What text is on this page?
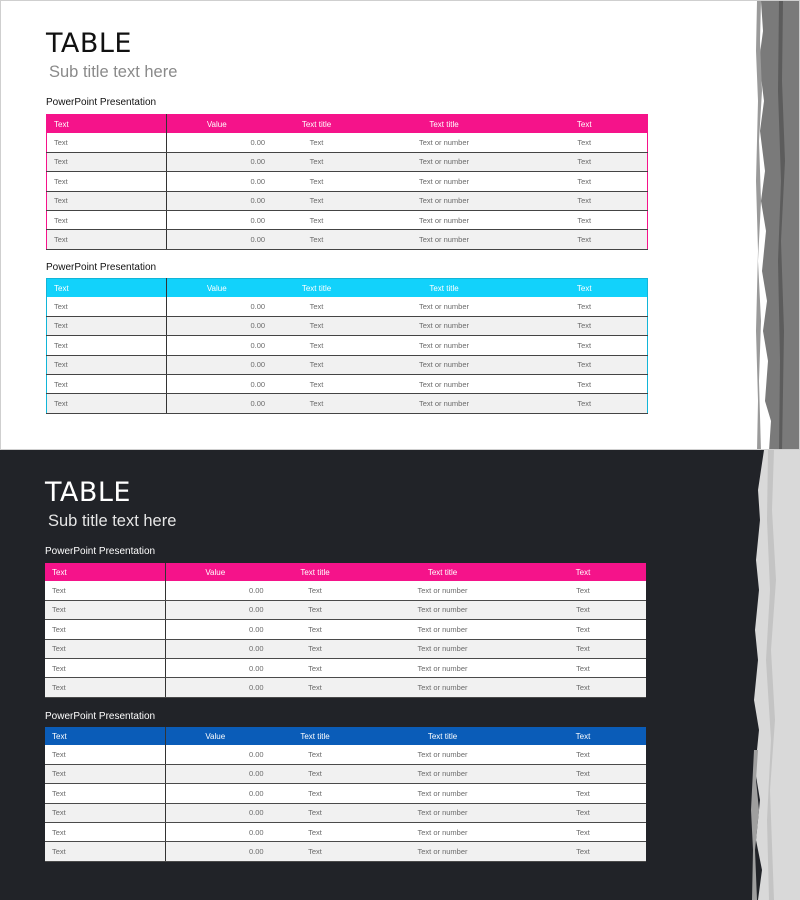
TABLE
Sub title text here
PowerPoint Presentation
Text	Value	Text title	Text title	Text
Text	0.00	Text	Text or number	Text
Text	0.00	Text	Text or number	Text
Text	0.00	Text	Text or number	Text
Text	0.00	Text	Text or number	Text
Text	0.00	Text	Text or number	Text
Text	0.00	Text	Text or number	Text
PowerPoint Presentation
Text	Value	Text title	Text title	Text
Text	0.00	Text	Text or number	Text
Text	0.00	Text	Text or number	Text
Text	0.00	Text	Text or number	Text
Text	0.00	Text	Text or number	Text
Text	0.00	Text	Text or number	Text
Text	0.00	Text	Text or number	Text
TABLE
Sub title text here
PowerPoint Presentation
Text	Value	Text title	Text title	Text
Text	0.00	Text	Text or number	Text
Text	0.00	Text	Text or number	Text
Text	0.00	Text	Text or number	Text
Text	0.00	Text	Text or number	Text
Text	0.00	Text	Text or number	Text
Text	0.00	Text	Text or number	Text
PowerPoint Presentation
Text	Value	Text title	Text title	Text
Text	0.00	Text	Text or number	Text
Text	0.00	Text	Text or number	Text
Text	0.00	Text	Text or number	Text
Text	0.00	Text	Text or number	Text
Text	0.00	Text	Text or number	Text
Text	0.00	Text	Text or number	Text
